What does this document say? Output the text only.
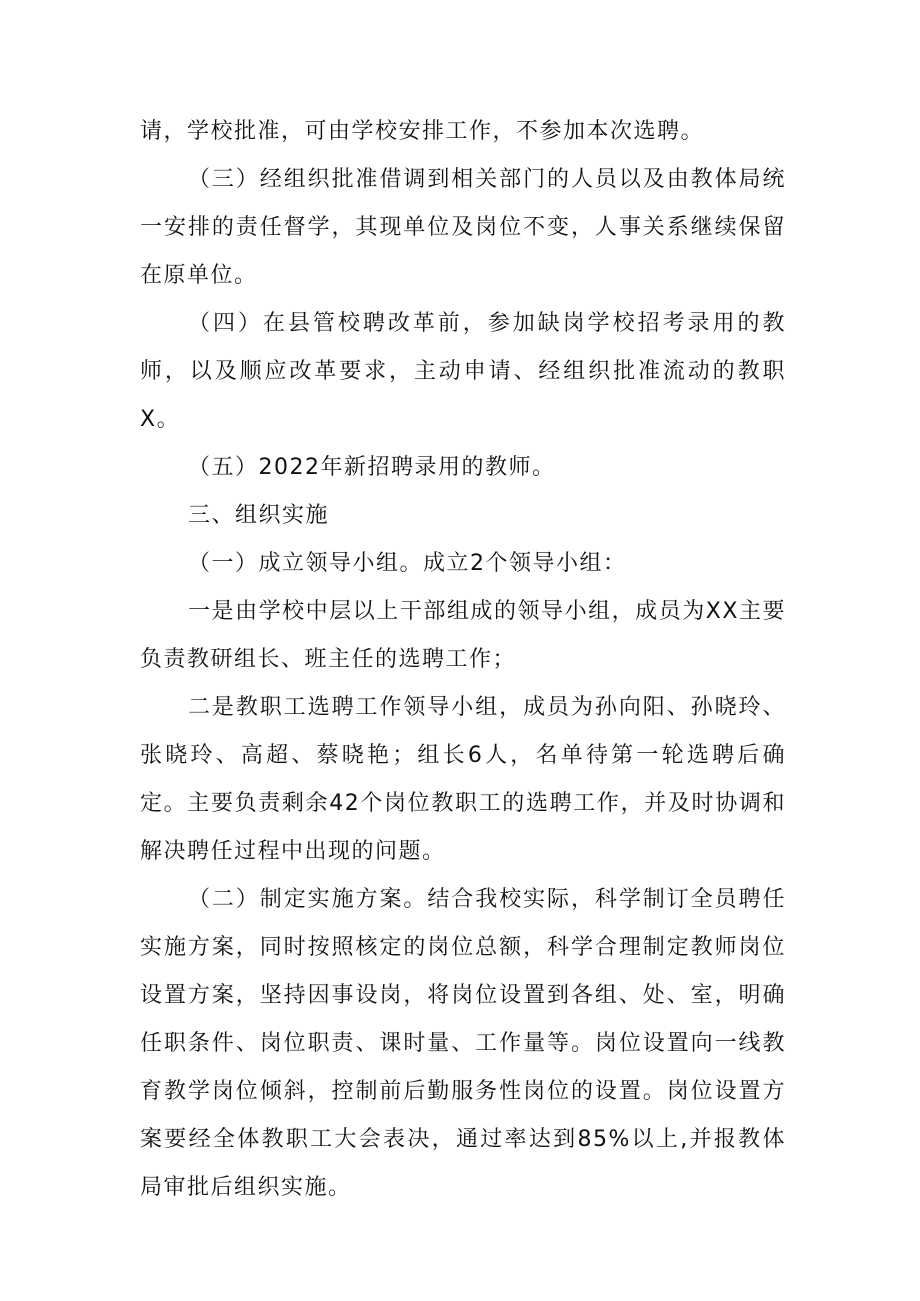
请，学校批准，可由学校安排工作，不参加本次选聘。

（三）经组织批准借调到相关部门的人员以及由教体局统一安排的责任督学，其现单位及岗位不变，人事关系继续保留在原单位。

（四）在县管校聘改革前，参加缺岗学校招考录用的教师，以及顺应改革要求，主动申请、经组织批准流动的教职X。

（五）2022年新招聘录用的教师。

三、组织实施

（一）成立领导小组。成立2个领导小组：

一是由学校中层以上干部组成的领导小组，成员为XX主要负责教研组长、班主任的选聘工作；

二是教职工选聘工作领导小组，成员为孙向阳、孙晓玲、张晓玲、高超、蔡晓艳；组长6人，名单待第一轮选聘后确定。主要负责剩余42个岗位教职工的选聘工作，并及时协调和解决聘任过程中出现的问题。

（二）制定实施方案。结合我校实际，科学制订全员聘任实施方案，同时按照核定的岗位总额，科学合理制定教师岗位设置方案，坚持因事设岗，将岗位设置到各组、处、室，明确任职条件、岗位职责、课时量、工作量等。岗位设置向一线教育教学岗位倾斜，控制前后勤服务性岗位的设置。岗位设置方案要经全体教职工大会表决，通过率达到85%以上,并报教体局审批后组织实施。
